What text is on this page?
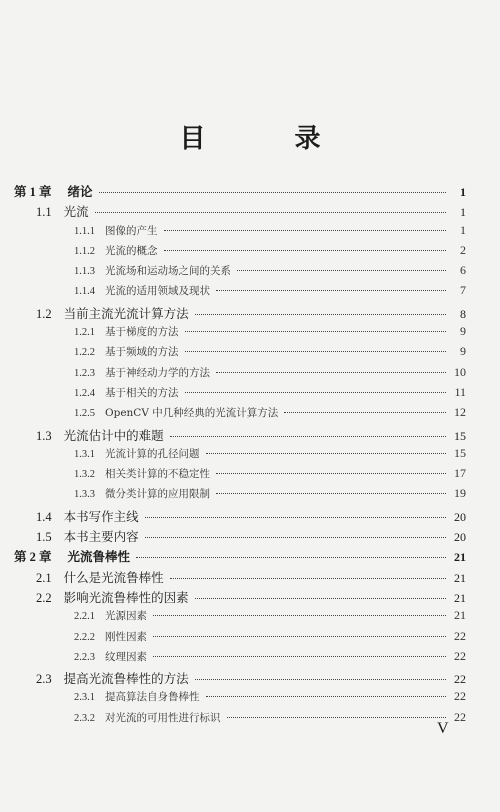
目 录
第 1 章 绪论	1
1.1 光流	1
1.1.1 图像的产生	1
1.1.2 光流的概念	2
1.1.3 光流场和运动场之间的关系	6
1.1.4 光流的适用领域及现状	7
1.2 当前主流光流计算方法	8
1.2.1 基于梯度的方法	9
1.2.2 基于频域的方法	9
1.2.3 基于神经动力学的方法	10
1.2.4 基于相关的方法	11
1.2.5 OpenCV 中几种经典的光流计算方法	12
1.3 光流估计中的难题	15
1.3.1 光流计算的孔径问题	15
1.3.2 相关类计算的不稳定性	17
1.3.3 微分类计算的应用限制	19
1.4 本书写作主线	20
1.5 本书主要内容	20
第 2 章 光流鲁棒性	21
2.1 什么是光流鲁棒性	21
2.2 影响光流鲁棒性的因素	21
2.2.1 光源因素	21
2.2.2 刚性因素	22
2.2.3 纹理因素	22
2.3 提高光流鲁棒性的方法	22
2.3.1 提高算法自身鲁棒性	22
2.3.2 对光流的可用性进行标识	22
V
